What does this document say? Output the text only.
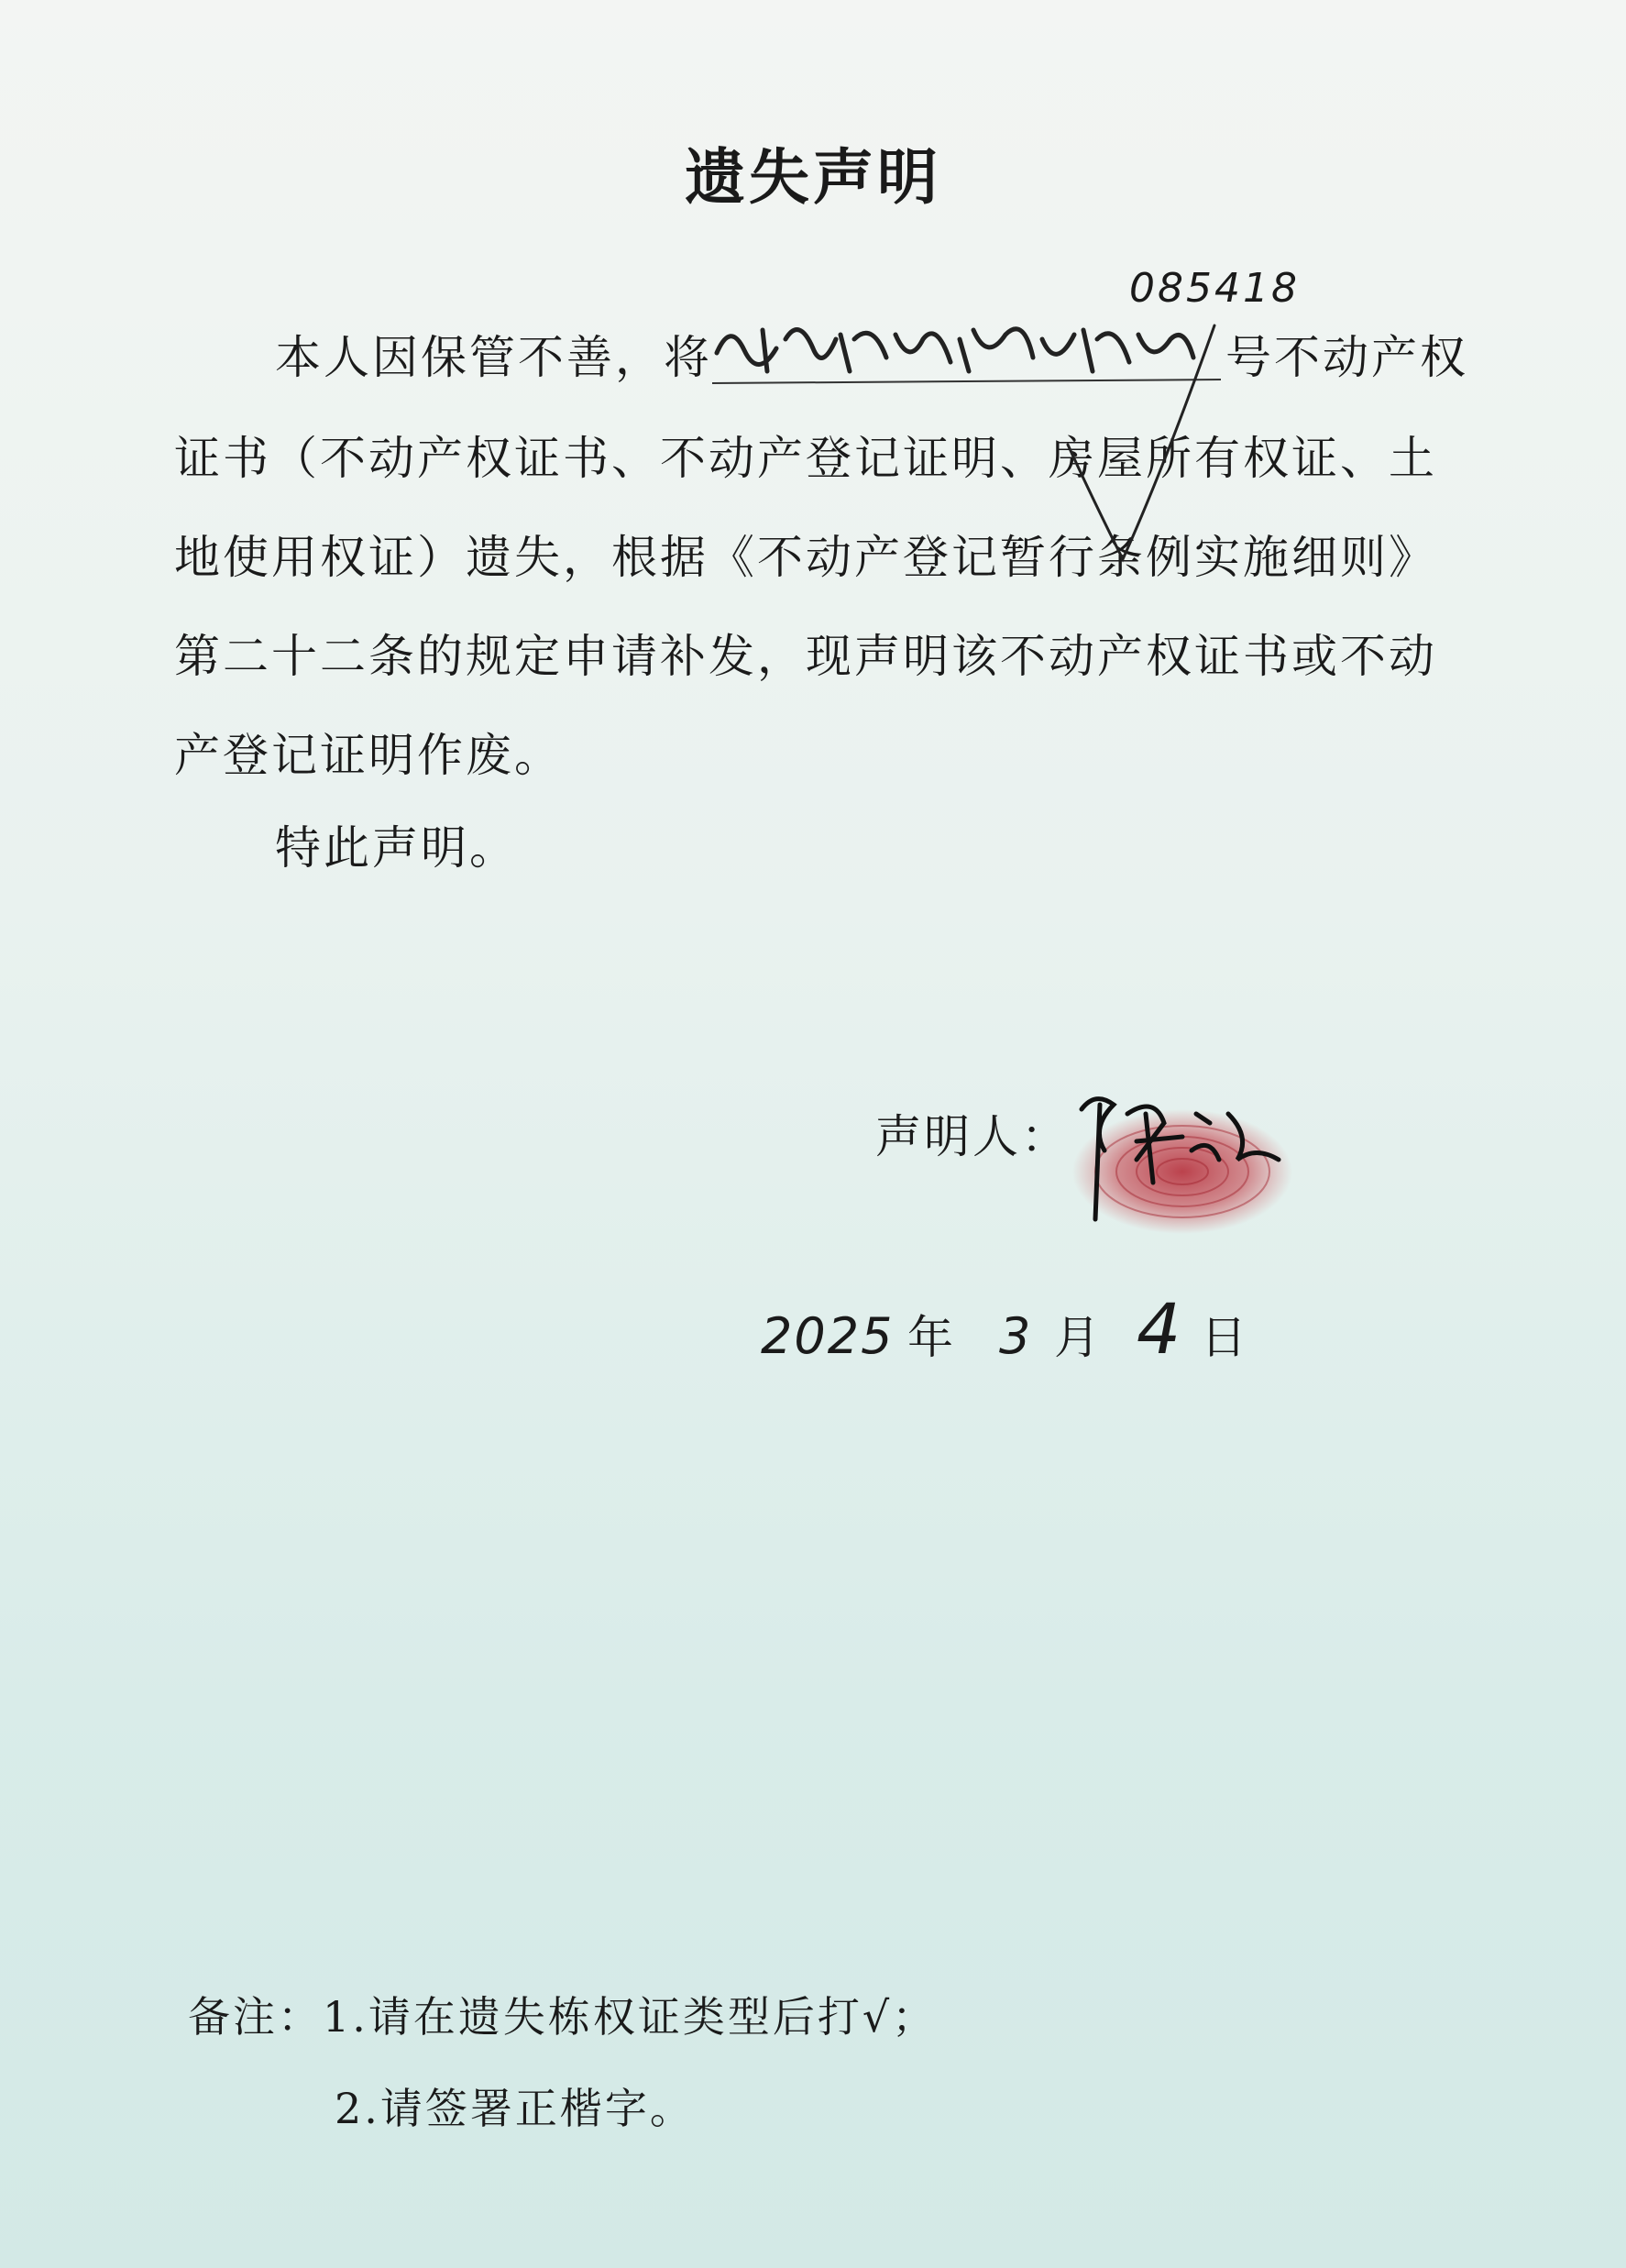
遗失声明
本人因保管不善，将
085418
号不动产权
证书（不动产权证书、不动产登记证明、房屋所有权证、土
地使用权证）遗失，根据《不动产登记暂行条例实施细则》
第二十二条的规定申请补发，现声明该不动产权证书或不动
产登记证明作废。
特此声明。
声明人：
2025 年 3 月 4 日
备注：1.请在遗失栋权证类型后打√；
2.请签署正楷字。
